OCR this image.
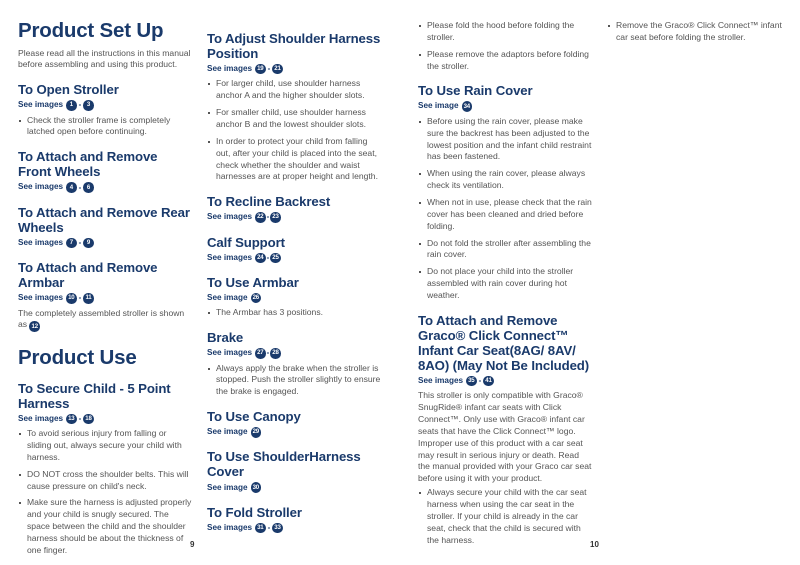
Product Set Up

Please read all the instructions in this manual before assembling and using this product.

To Open Stroller
See images	1 - 3
Check the stroller frame is completely latched open before continuing.
To Attach and Remove Front Wheels
See images	4 - 6
To Attach and Remove Rear Wheels
See images	7 - 9
To Attach and Remove Armbar
See images 10 - 11

The completely assembled stroller is shown as 12

Product Use
To Secure Child - 5 Point Harness
See images 13 - 18
To avoid serious injury from falling or sliding out, always secure your child with harness.
DO NOT cross the shoulder belts. This will cause pressure on child's neck.
Make sure the harness is adjusted properly and your child is snugly secured. The space between the child and the shoulder harness should be about the thickness of one finger.
To Adjust Shoulder Harness Position
See images 19 - 21
For larger child, use shoulder harness anchor A and the higher shoulder slots.
For smaller child, use shoulder harness anchor B and the lowest shoulder slots.
In order to protect your child from falling out, after your child is placed into the seat, check whether the shoulder and waist harnesses are at proper height and length.
To Recline Backrest
See images 22 - 23
Calf Support
See images 24 - 25
To Use Armbar
See image 26
The Armbar has 3 positions.
Brake
See images 27 - 28
Always apply the brake when the stroller is stopped. Push the stroller slightly to ensure the brake is engaged.
To Use Canopy
See image 29
To Use ShoulderHarness Cover
See image 30
To Fold Stroller
See images 31 - 33
9
Please fold the hood before folding the stroller.
Please remove the adaptors before folding the stroller.
To Use Rain Cover
See image 34
Before using the rain cover, please make sure the backrest has been adjusted to the lowest position and the infant child restraint has been fastened.
When using the rain cover, please always check its ventilation.
When not in use, please check that the rain cover has been cleaned and dried before folding.
Do not fold the stroller after assembling the rain cover.
Do not place your child into the stroller assembled with rain cover during hot weather.
To Attach and Remove Graco® Click Connect™ Infant Car Seat(8AG/ 8AV/ 8AO) (May Not Be Included)
See images 35 - 41

This stroller is only compatible with Graco® SnugRide® infant car seats with Click Connect™. Only use with Graco® infant car seats that have the Click Connect™ logo. Improper use of this product with a car seat may result in serious injury or death. Read the manual provided with your Graco car seat before using it with your product.

Always secure your child with the car seat harness when using the car seat in the stroller. If your child is already in the car seat, check that the child is secured with the harness.
Remove the Graco® Click Connect™ infant car seat before folding the stroller.
10
